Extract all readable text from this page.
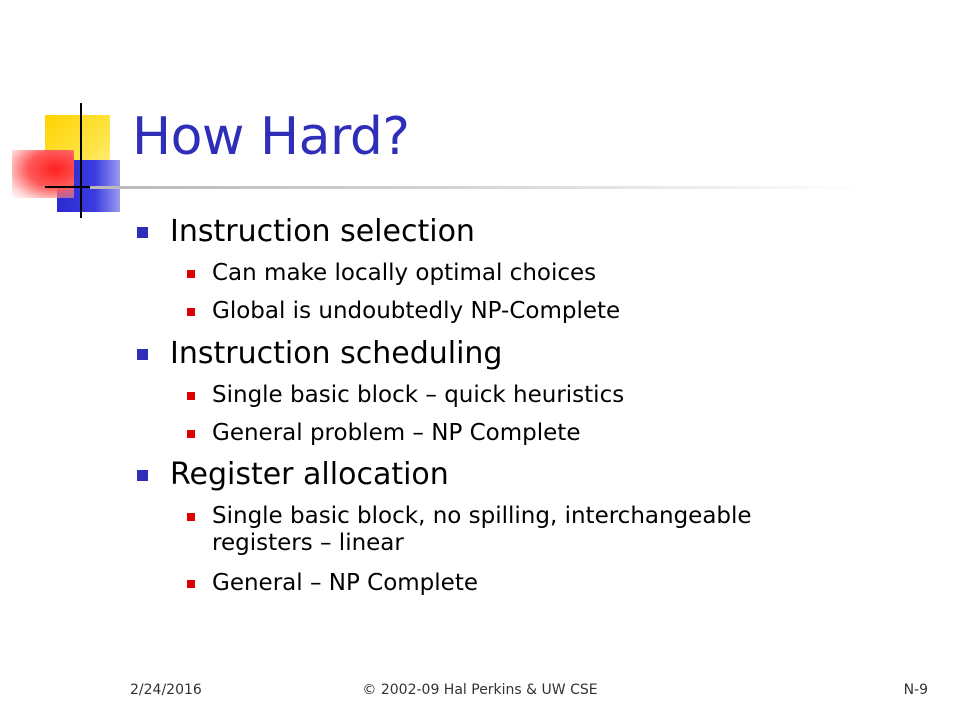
How Hard?
Instruction selection
Can make locally optimal choices
Global is undoubtedly NP-Complete
Instruction scheduling
Single basic block – quick heuristics
General problem – NP Complete
Register allocation
Single basic block, no spilling, interchangeable
registers – linear
General – NP Complete
2/24/2016	© 2002-09 Hal Perkins & UW CSE	N-9
